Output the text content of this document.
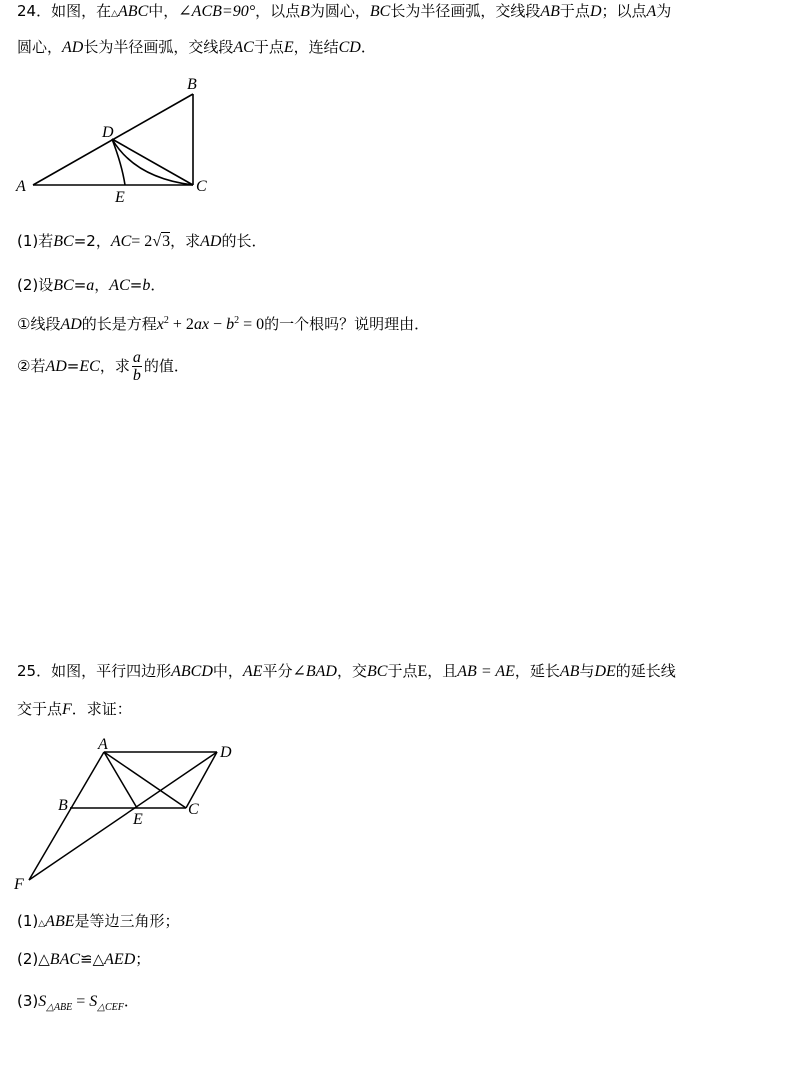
24．如图，在△ABC中，∠ACB=90°，以点B为圆心，BC长为半径画弧，交线段AB于点D；以点A为
圆心，AD长为半径画弧，交线段AC于点E，连结CD．
B
D
A
E
C
(1)若BC=2，AC= 2√3，求AD的长．
(2)设BC=a，AC=b．
①线段AD的长是方程$x^2 + 2ax - b^2 = 0$的一个根吗？说明理由．
②若AD=EC，求 $\frac{a}{b}$ 的值．
25．如图，平行四边形ABCD中，AE平分∠BAD，交BC于点E，且AB = AE，延长AB与DE的延长线
交于点F．求证：
A	D
B	C
E
F
(1)△ABE是等边三角形；
(2)△BAC≌△AED；
$(3)S_{\triangle ABE} = S_{\triangle CEF}$．
